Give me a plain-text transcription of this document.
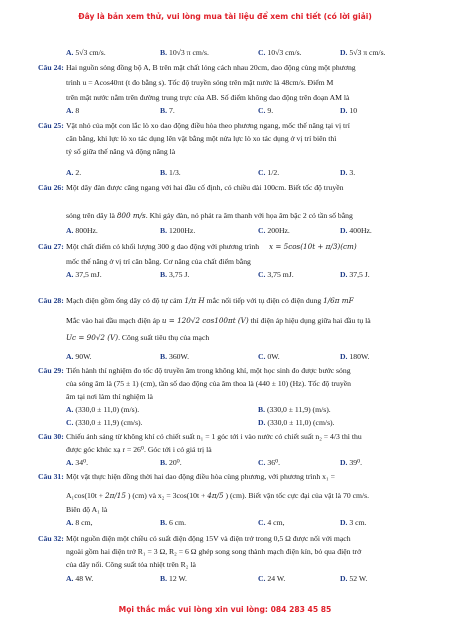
Đây là bản xem thử, vui lòng mua tài liệu để xem chi tiết (có lời giải)
A. 5√3 cm/s.	B. 10√3 π cm/s.	C. 10√3 cm/s.	D. 5√3 π cm/s.
Câu 24: Hai nguồn sóng đồng bộ A, B trên mặt chất lỏng cách nhau 20cm, dao động cùng một phương
trình u = Acos40πt (t đo bằng s). Tốc độ truyền sóng trên mặt nước là 48cm/s. Điểm M
trên mặt nước nằm trên đường trung trực của AB. Số điểm không dao động trên đoạn AM là
A. 8	B. 7.	C. 9.	D. 10
Câu 25: Vật nhỏ của một con lắc lò xo dao động điều hòa theo phương ngang, mốc thế năng tại vị trí
cân bằng, khi lực lò xo tác dụng lên vật bằng một nửa lực lò xo tác dụng ở vị trí biên thì
tỷ số giữa thế năng và động năng là
A. 2.	B. 1/3.	C. 1/2.	D. 3.
Câu 26: Một dây đàn được căng ngang với hai đầu cố định, có chiều dài 100cm. Biết tốc độ truyền
sóng trên dây là 800 m/s. Khi gảy đàn, nó phát ra âm thanh với họa âm bậc 2 có tần số bằng
A. 800Hz.	B. 1200Hz.	C. 200Hz.	D. 400Hz.
Câu 27: Một chất điểm có khối lượng 300 g dao động với phương trình x = 5cos(10t + π/3)(cm)
mốc thế năng ở vị trí cân bằng. Cơ năng của chất điểm bằng
A. 37,5 mJ.	B. 3,75 J.	C. 3,75 mJ.	D. 37,5 J.
Câu 28: Mạch điện gồm ống dây có độ tự cảm 1/π H mắc nối tiếp với tụ điện có điện dung 1/6π mF
Mắc vào hai đầu mạch điện áp u = 120√2 cos100πt (V) thì điện áp hiệu dụng giữa hai đầu tụ là
Uc = 90√2 (V). Công suất tiêu thụ của mạch
A. 90W.	B. 360W.	C. 0W.	D. 180W.
Câu 29: Tiến hành thí nghiệm đo tốc độ truyền âm trong không khí, một học sinh đo được bước sóng
của sóng âm là (75 ± 1) (cm), tần số dao động của âm thoa là (440 ± 10) (Hz). Tốc độ truyền
âm tại nơi làm thí nghiệm là
A. (330,0 ± 11,0) (m/s).	B. (330,0 ± 11,9) (m/s).
C. (330,0 ± 11,9) (cm/s).	D. (330,0 ± 11,0) (cm/s).
Câu 30: Chiếu ánh sáng từ không khí có chiết suất n₁ = 1 góc tới i vào nước có chiết suất n₂ = 4/3 thì thu
được góc khúc xạ r = 26⁰. Góc tới i có giá trị là
A. 34⁰.	B. 20⁰.	C. 36⁰.	D. 39⁰.
Câu 31: Một vật thực hiện đồng thời hai dao động điều hòa cùng phương, với phương trình x₁ =
A₁cos(10t + 2π/15 ) (cm) và x₂ = 3cos(10t + 4π/5 ) (cm). Biết vận tốc cực đại của vật là 70 cm/s.
Biên độ A₁ là
A. 8 cm,	B. 6 cm.	C. 4 cm,	D. 3 cm.
Câu 32: Một nguồn điện một chiều có suất điện động 15V và điện trở trong 0,5 Ω được nối với mạch
ngoài gồm hai điện trở R₁ = 3 Ω, R₂ = 6 Ω ghép song song thành mạch điện kín, bỏ qua điện trở
của dây nối. Công suất tỏa nhiệt trên R₂ là
A. 48 W.	B. 12 W.	C. 24 W.	D. 52 W.
Mọi thắc mắc vui lòng xin vui lòng: 084 283 45 85
